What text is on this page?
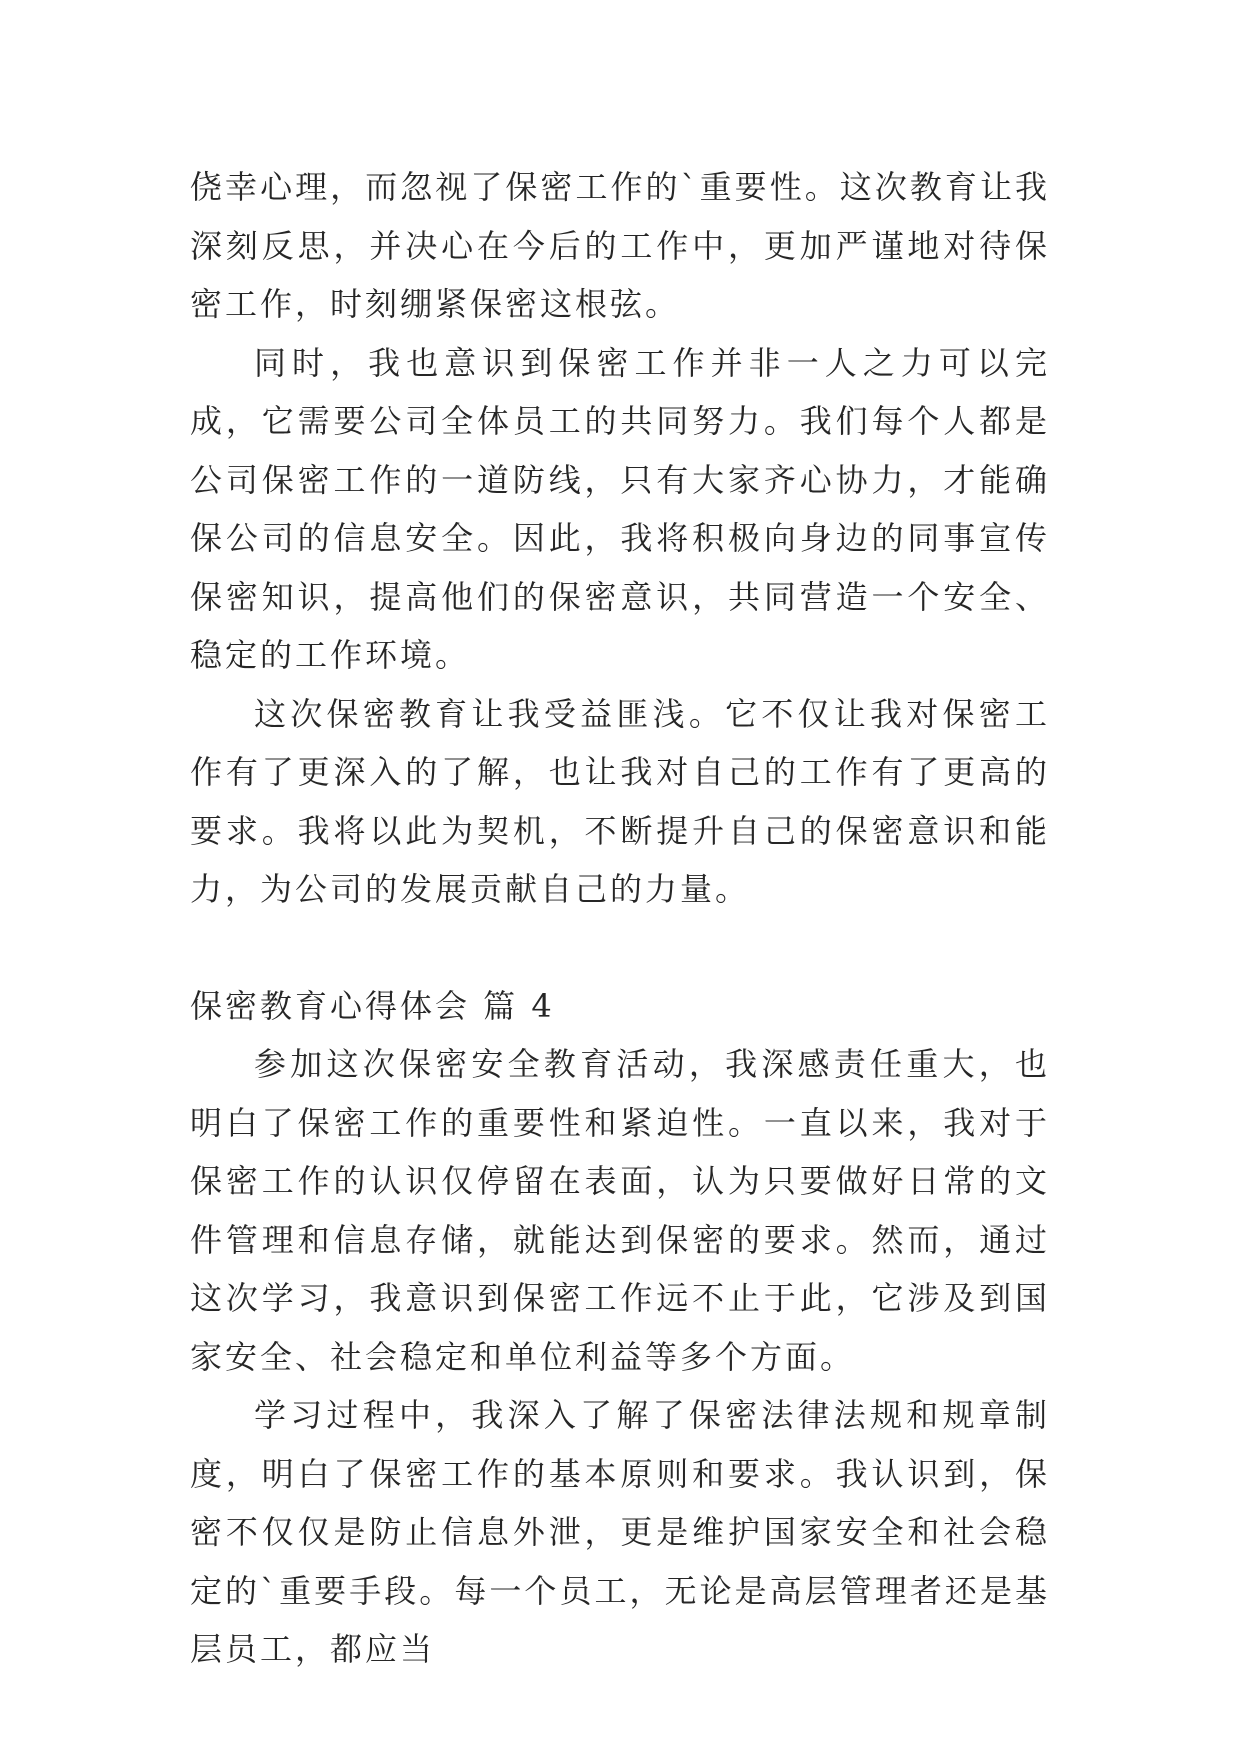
侥幸心理，而忽视了保密工作的`重要性。这次教育让我深刻反思，并决心在今后的工作中，更加严谨地对待保密工作，时刻绷紧保密这根弦。

同时，我也意识到保密工作并非一人之力可以完成，它需要公司全体员工的共同努力。我们每个人都是公司保密工作的一道防线，只有大家齐心协力，才能确保公司的信息安全。因此，我将积极向身边的同事宣传保密知识，提高他们的保密意识，共同营造一个安全、稳定的工作环境。

这次保密教育让我受益匪浅。它不仅让我对保密工作有了更深入的了解，也让我对自己的工作有了更高的要求。我将以此为契机，不断提升自己的保密意识和能力，为公司的发展贡献自己的力量。

保密教育心得体会 篇 4

参加这次保密安全教育活动，我深感责任重大，也明白了保密工作的重要性和紧迫性。一直以来，我对于保密工作的认识仅停留在表面，认为只要做好日常的文件管理和信息存储，就能达到保密的要求。然而，通过这次学习，我意识到保密工作远不止于此，它涉及到国家安全、社会稳定和单位利益等多个方面。

学习过程中，我深入了解了保密法律法规和规章制度，明白了保密工作的基本原则和要求。我认识到，保密不仅仅是防止信息外泄，更是维护国家安全和社会稳定的`重要手段。每一个员工，无论是高层管理者还是基层员工，都应当
